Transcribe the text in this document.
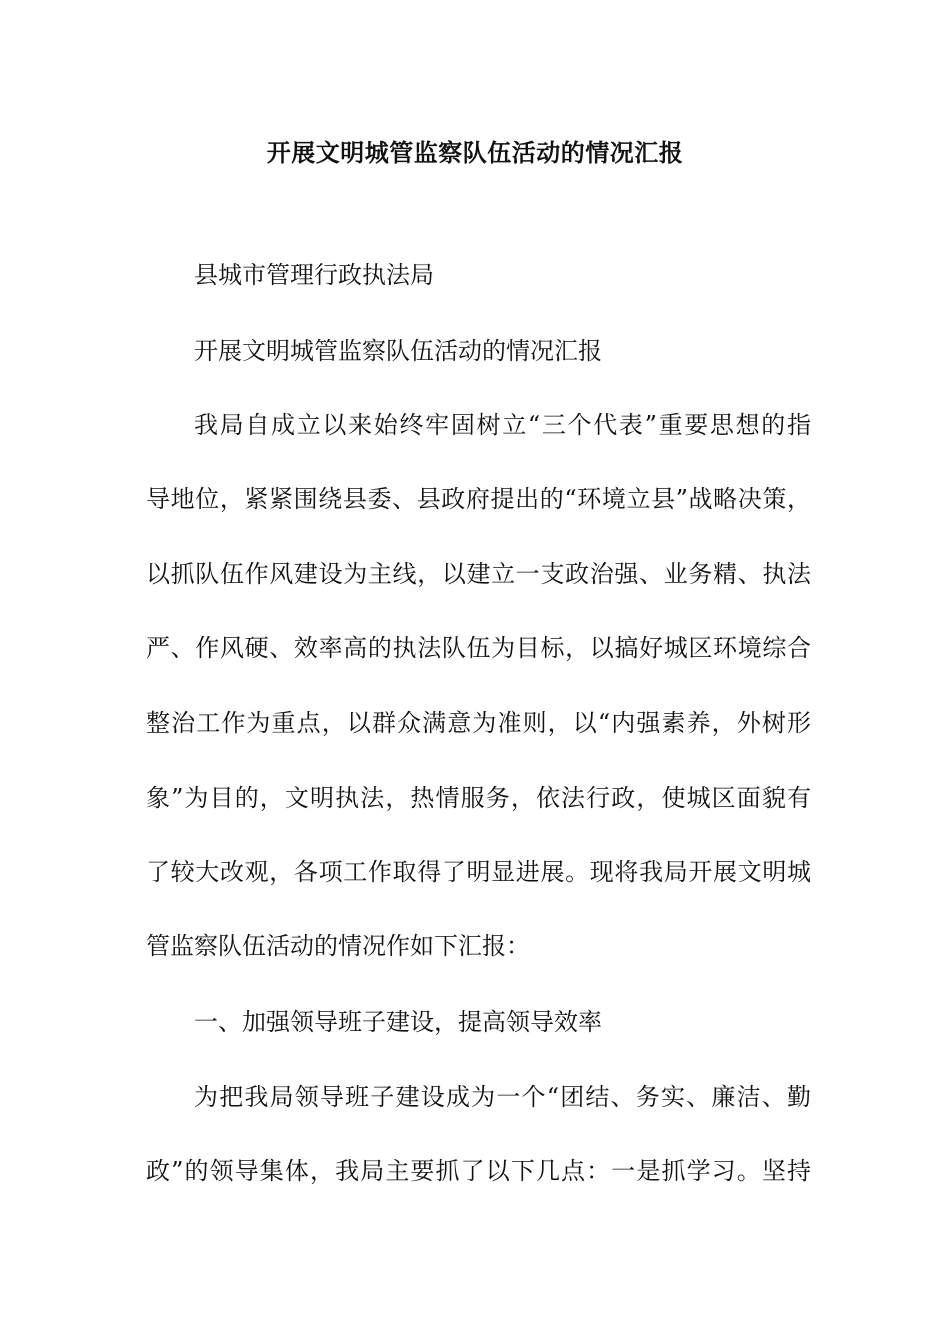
开展文明城管监察队伍活动的情况汇报

县城市管理行政执法局

开展文明城管监察队伍活动的情况汇报

我局自成立以来始终牢固树立“三个代表”重要思想的指

导地位，紧紧围绕县委、县政府提出的“环境立县”战略决策，

以抓队伍作风建设为主线，以建立一支政治强、业务精、执法

严、作风硬、效率高的执法队伍为目标，以搞好城区环境综合

整治工作为重点，以群众满意为准则，以“内强素养，外树形

象”为目的，文明执法，热情服务，依法行政，使城区面貌有

了较大改观，各项工作取得了明显进展。现将我局开展文明城

管监察队伍活动的情况作如下汇报：

一、加强领导班子建设，提高领导效率

为把我局领导班子建设成为一个“团结、务实、廉洁、勤

政”的领导集体，我局主要抓了以下几点：一是抓学习。坚持
